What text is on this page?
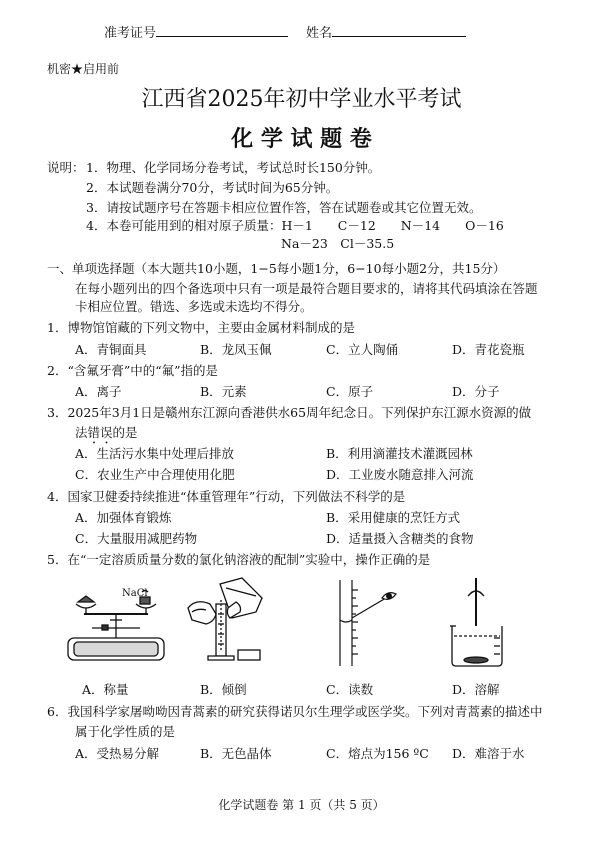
准考证号	姓名
机密★启用前
江西省2025年初中学业水平考试
化 学 试 题 卷
说明： 1．物理、化学同场分卷考试，考试总时长150分钟。
2．本试题卷满分70分，考试时间为65分钟。
3．请按试题序号在答题卡相应位置作答，答在试题卷或其它位置无效。
4．本卷可能用到的相对原子质量：H－1　　C－12　　N－14　　O－16
Na－23　Cl－35.5
一、单项选择题（本大题共10小题，1−5每小题1分，6−10每小题2分，共15分）
在每小题列出的四个备选项中只有一项是最符合题目要求的，请将其代码填涂在答题
卡相应位置。错选、多选或未选均不得分。
1．博物馆馆藏的下列文物中，主要由金属材料制成的是
A．青铜面具	B．龙凤玉佩	C．立人陶俑	D．青花瓷瓶
2．“含氟牙膏”中的“氟”指的是
A．离子	B．元素	C．原子	D．分子
3．2025年3月1日是赣州东江源向香港供水65周年纪念日。下列保护东江源水资源的做
法错误的是
A．生活污水集中处理后排放	B．利用滴灌技术灌溉园林
C．农业生产中合理使用化肥	D．工业废水随意排入河流
4．国家卫健委持续推进“体重管理年”行动，下列做法不科学的是
A．加强体育锻炼	B．采用健康的烹饪方式
C．大量服用减肥药物	D．适量摄入含糖类的食物
5．在“一定溶质质量分数的氯化钠溶液的配制”实验中，操作正确的是
NaCl
A．称量	B．倾倒	C．读数	D．溶解
6．我国科学家屠呦呦因青蒿素的研究获得诺贝尔生理学或医学奖。下列对青蒿素的描述中
属于化学性质的是
A．受热易分解	B．无色晶体	C．熔点为156 ºC D．难溶于水
化学试题卷 第 1 页（共 5 页）
